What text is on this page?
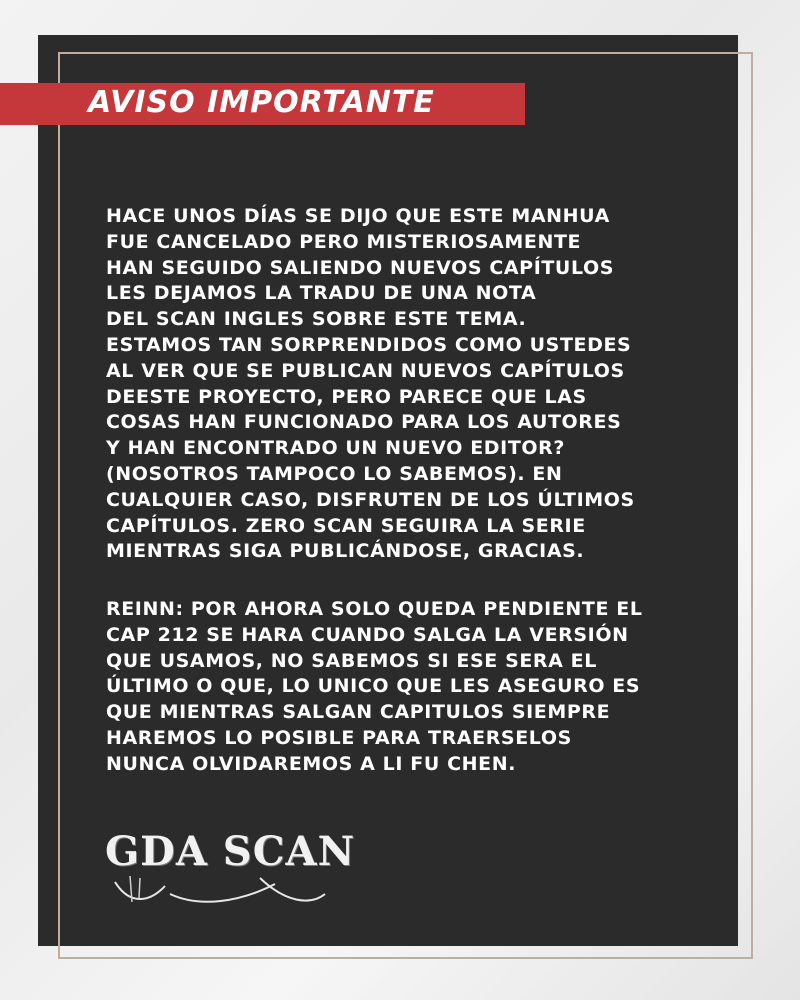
AVISO IMPORTANTE
HACE UNOS DÍAS SE DIJO QUE ESTE MANHUA
FUE CANCELADO PERO MISTERIOSAMENTE
HAN SEGUIDO SALIENDO NUEVOS CAPÍTULOS
LES DEJAMOS LA TRADU DE UNA NOTA
DEL SCAN INGLES SOBRE ESTE TEMA.
ESTAMOS TAN SORPRENDIDOS COMO USTEDES
AL VER QUE SE PUBLICAN NUEVOS CAPÍTULOS
DEESTE PROYECTO, PERO PARECE QUE LAS
COSAS HAN FUNCIONADO PARA LOS AUTORES
Y HAN ENCONTRADO UN NUEVO EDITOR?
(NOSOTROS TAMPOCO LO SABEMOS). EN
CUALQUIER CASO, DISFRUTEN DE LOS ÚLTIMOS
CAPÍTULOS. ZERO SCAN SEGUIRA LA SERIE
MIENTRAS SIGA PUBLICÁNDOSE, GRACIAS.
REINN: POR AHORA SOLO QUEDA PENDIENTE EL
CAP 212 SE HARA CUANDO SALGA LA VERSIÓN
QUE USAMOS, NO SABEMOS SI ESE SERA EL
ÚLTIMO O QUE, LO UNICO QUE LES ASEGURO ES
QUE MIENTRAS SALGAN CAPITULOS SIEMPRE
HAREMOS LO POSIBLE PARA TRAERSELOS
NUNCA OLVIDAREMOS A LI FU CHEN.
GDA SCAN
